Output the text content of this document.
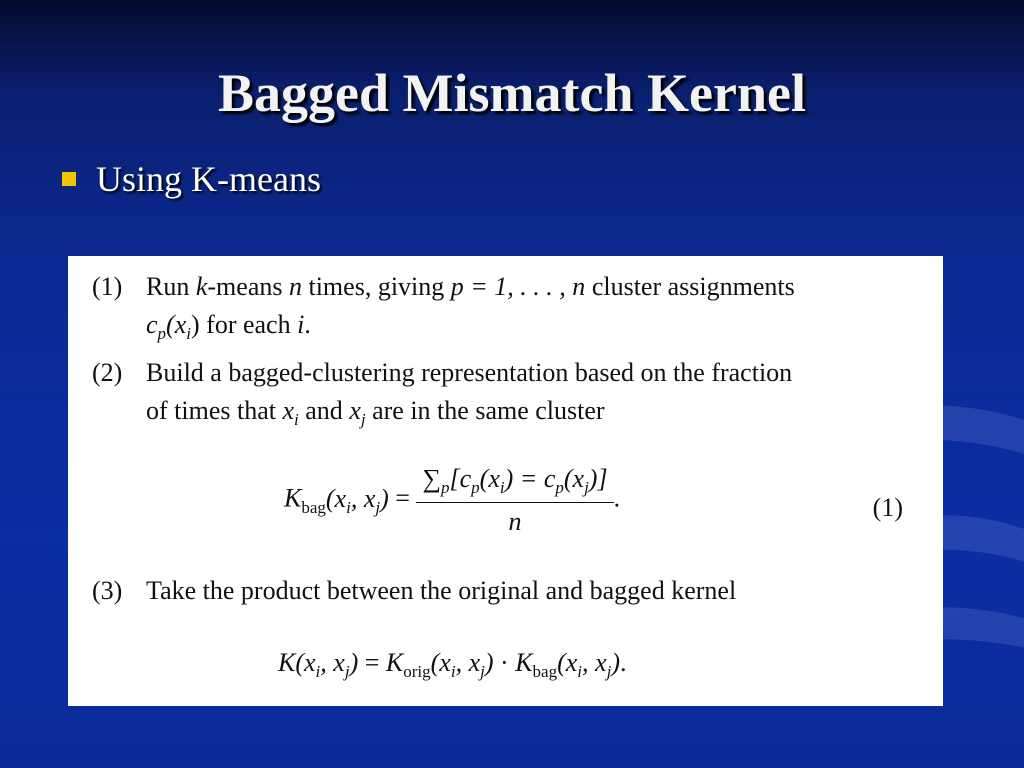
Bagged Mismatch Kernel
Using K-means
(1) Run k-means n times, giving p = 1, . . . , n cluster assignments
$c_p(x_i)$ for each i.
(2) Build a bagged-clustering representation based on the fraction
of times that $x_i$ and $x_j$ are in the same cluster
$K_{bag}(x_i$, $x_j) = \frac{\sum_p[c_p(x_i) = c_p(x_j)]}{n}$ .	(1)
(3) Take the product between the original and bagged kernel
$K(x_i$, $x_j) = K_{orig}(x_i$, $x_j) \cdot K_{bag}(x_i$, $x_j$).
